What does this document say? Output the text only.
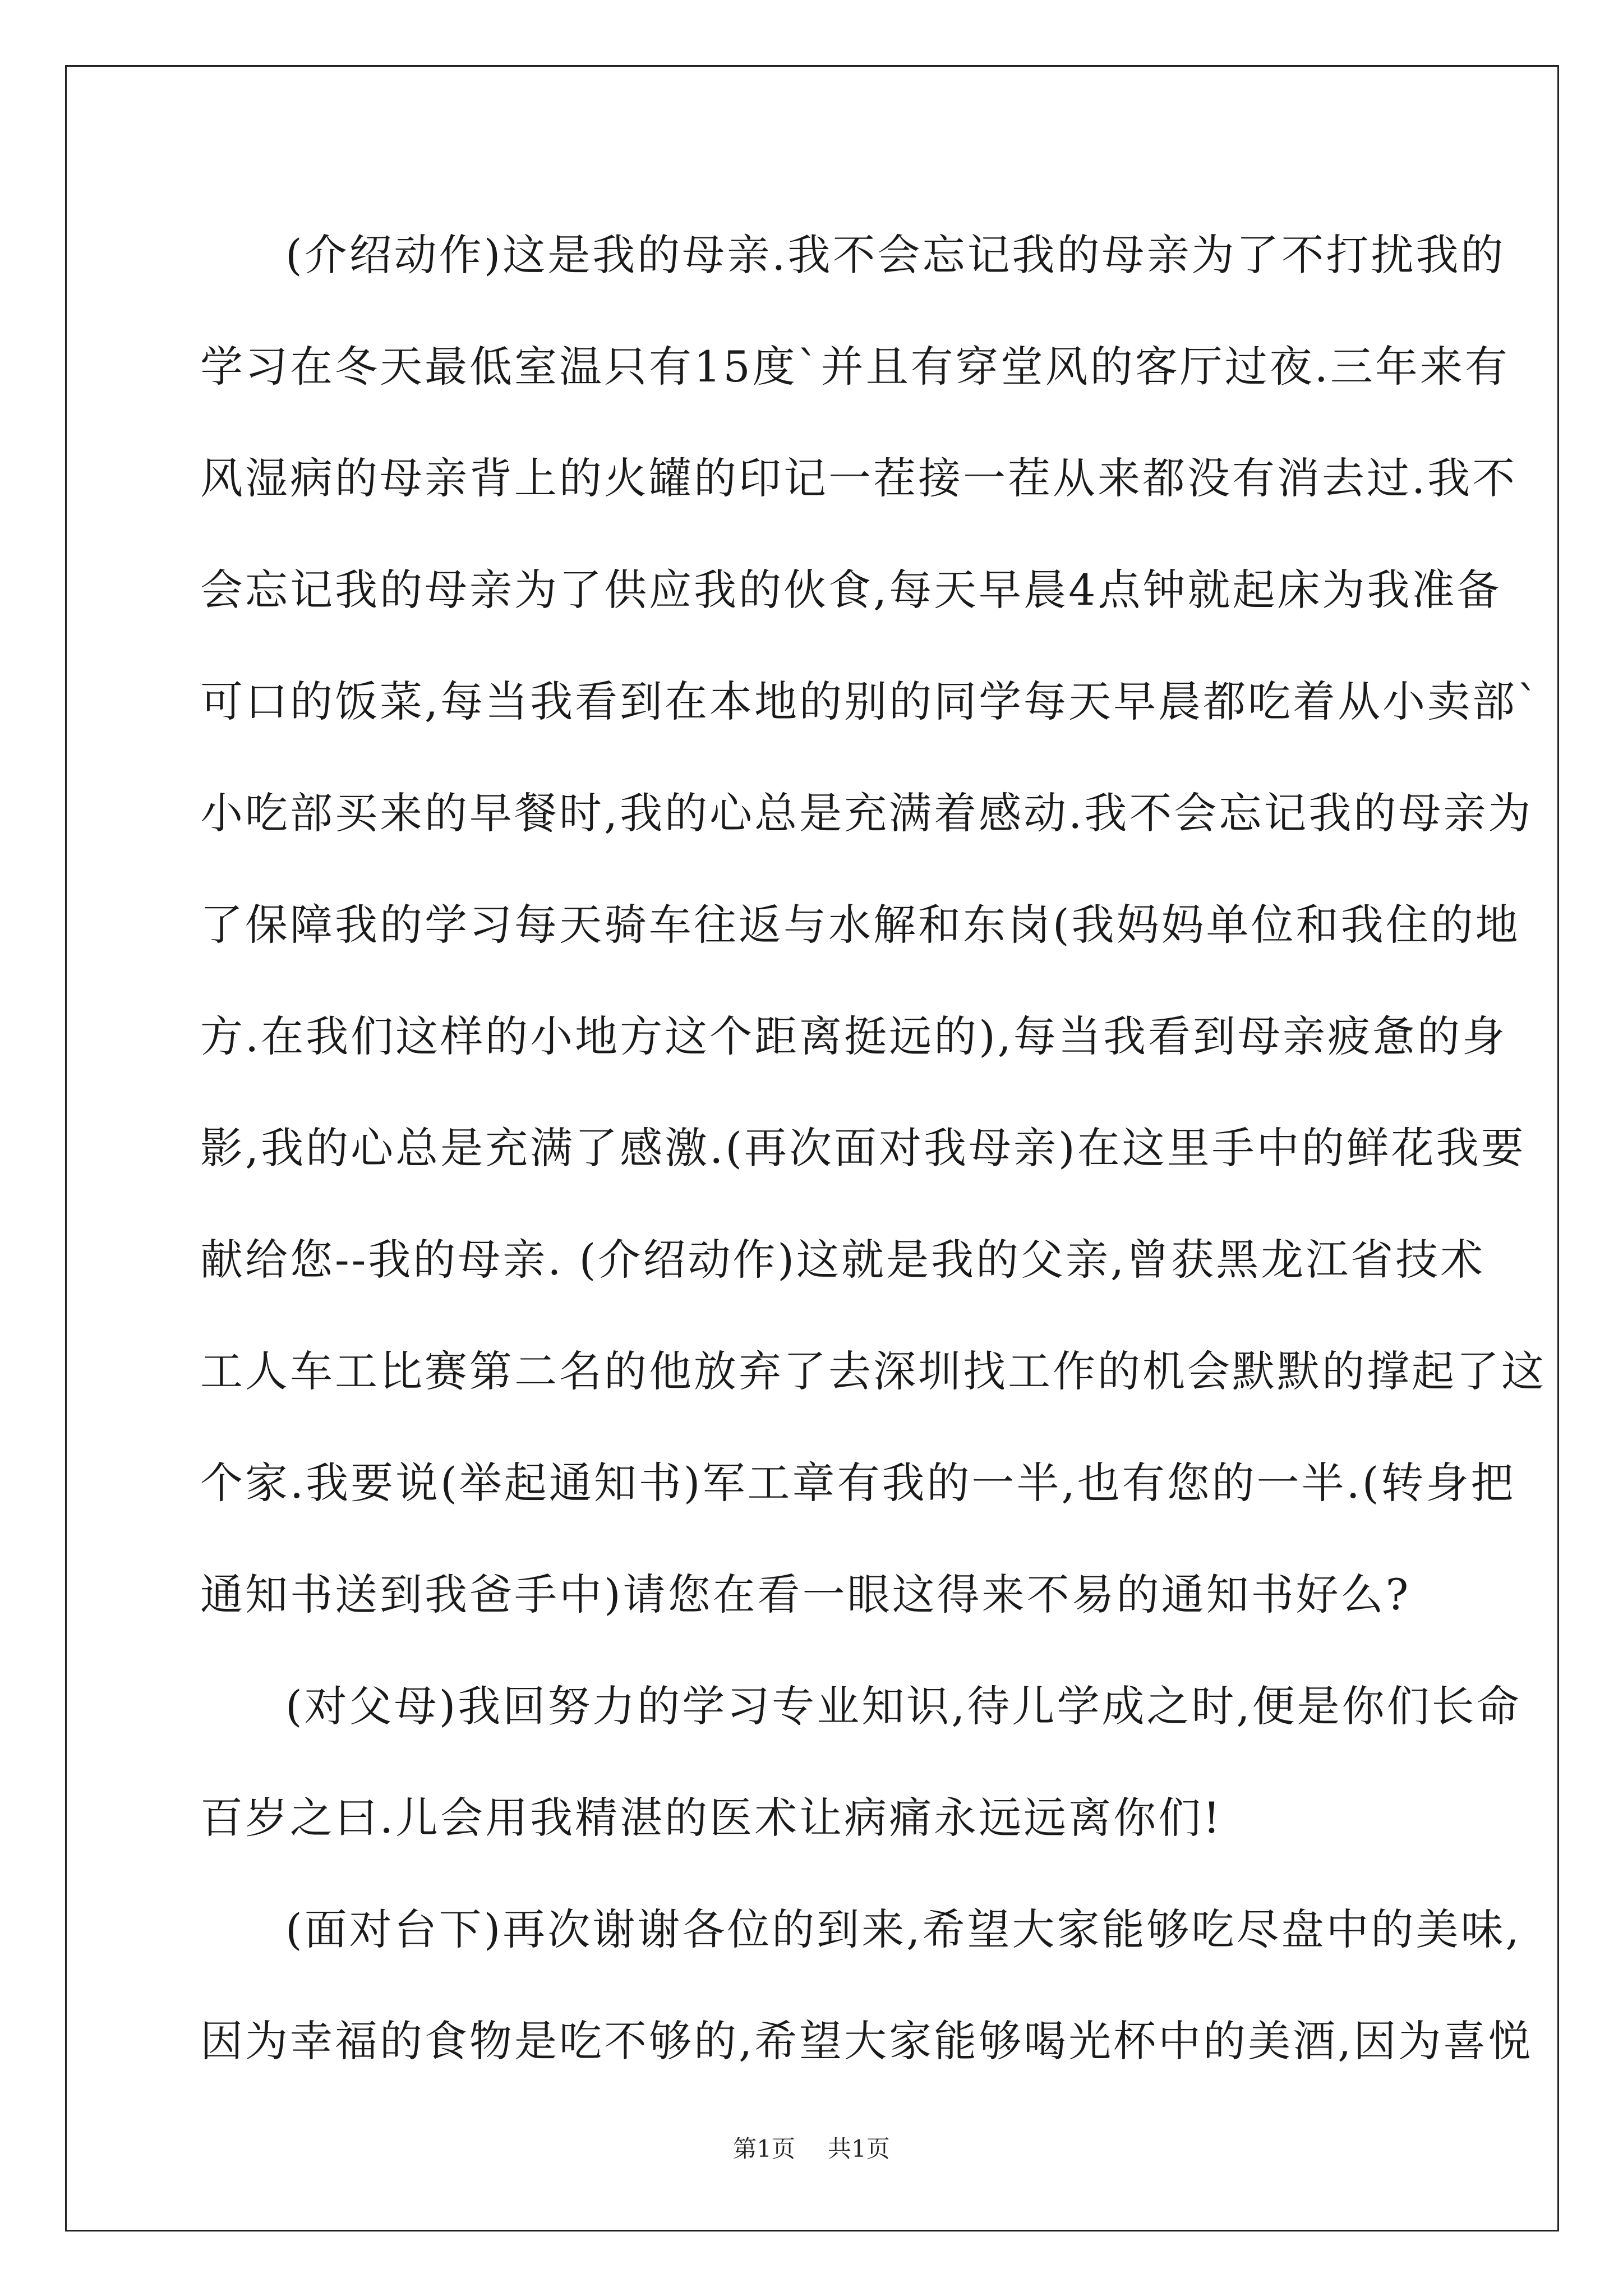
(介绍动作)这是我的母亲.我不会忘记我的母亲为了不打扰我的
学习在冬天最低室温只有15度`并且有穿堂风的客厅过夜.三年来有
风湿病的母亲背上的火罐的印记一茬接一茬从来都没有消去过.我不
会忘记我的母亲为了供应我的伙食,每天早晨4点钟就起床为我准备
可口的饭菜,每当我看到在本地的别的同学每天早晨都吃着从小卖部`
小吃部买来的早餐时,我的心总是充满着感动.我不会忘记我的母亲为
了保障我的学习每天骑车往返与水解和东岗(我妈妈单位和我住的地
方.在我们这样的小地方这个距离挺远的),每当我看到母亲疲惫的身
影,我的心总是充满了感激.(再次面对我母亲)在这里手中的鲜花我要
献给您--我的母亲. (介绍动作)这就是我的父亲,曾获黑龙江省技术
工人车工比赛第二名的他放弃了去深圳找工作的机会默默的撑起了这
个家.我要说(举起通知书)军工章有我的一半,也有您的一半.(转身把
通知书送到我爸手中)请您在看一眼这得来不易的通知书好么?
(对父母)我回努力的学习专业知识,待儿学成之时,便是你们长命
百岁之曰.儿会用我精湛的医术让病痛永远远离你们!
(面对台下)再次谢谢各位的到来,希望大家能够吃尽盘中的美味,
因为幸福的食物是吃不够的,希望大家能够喝光杯中的美酒,因为喜悦
第1页 共1页
